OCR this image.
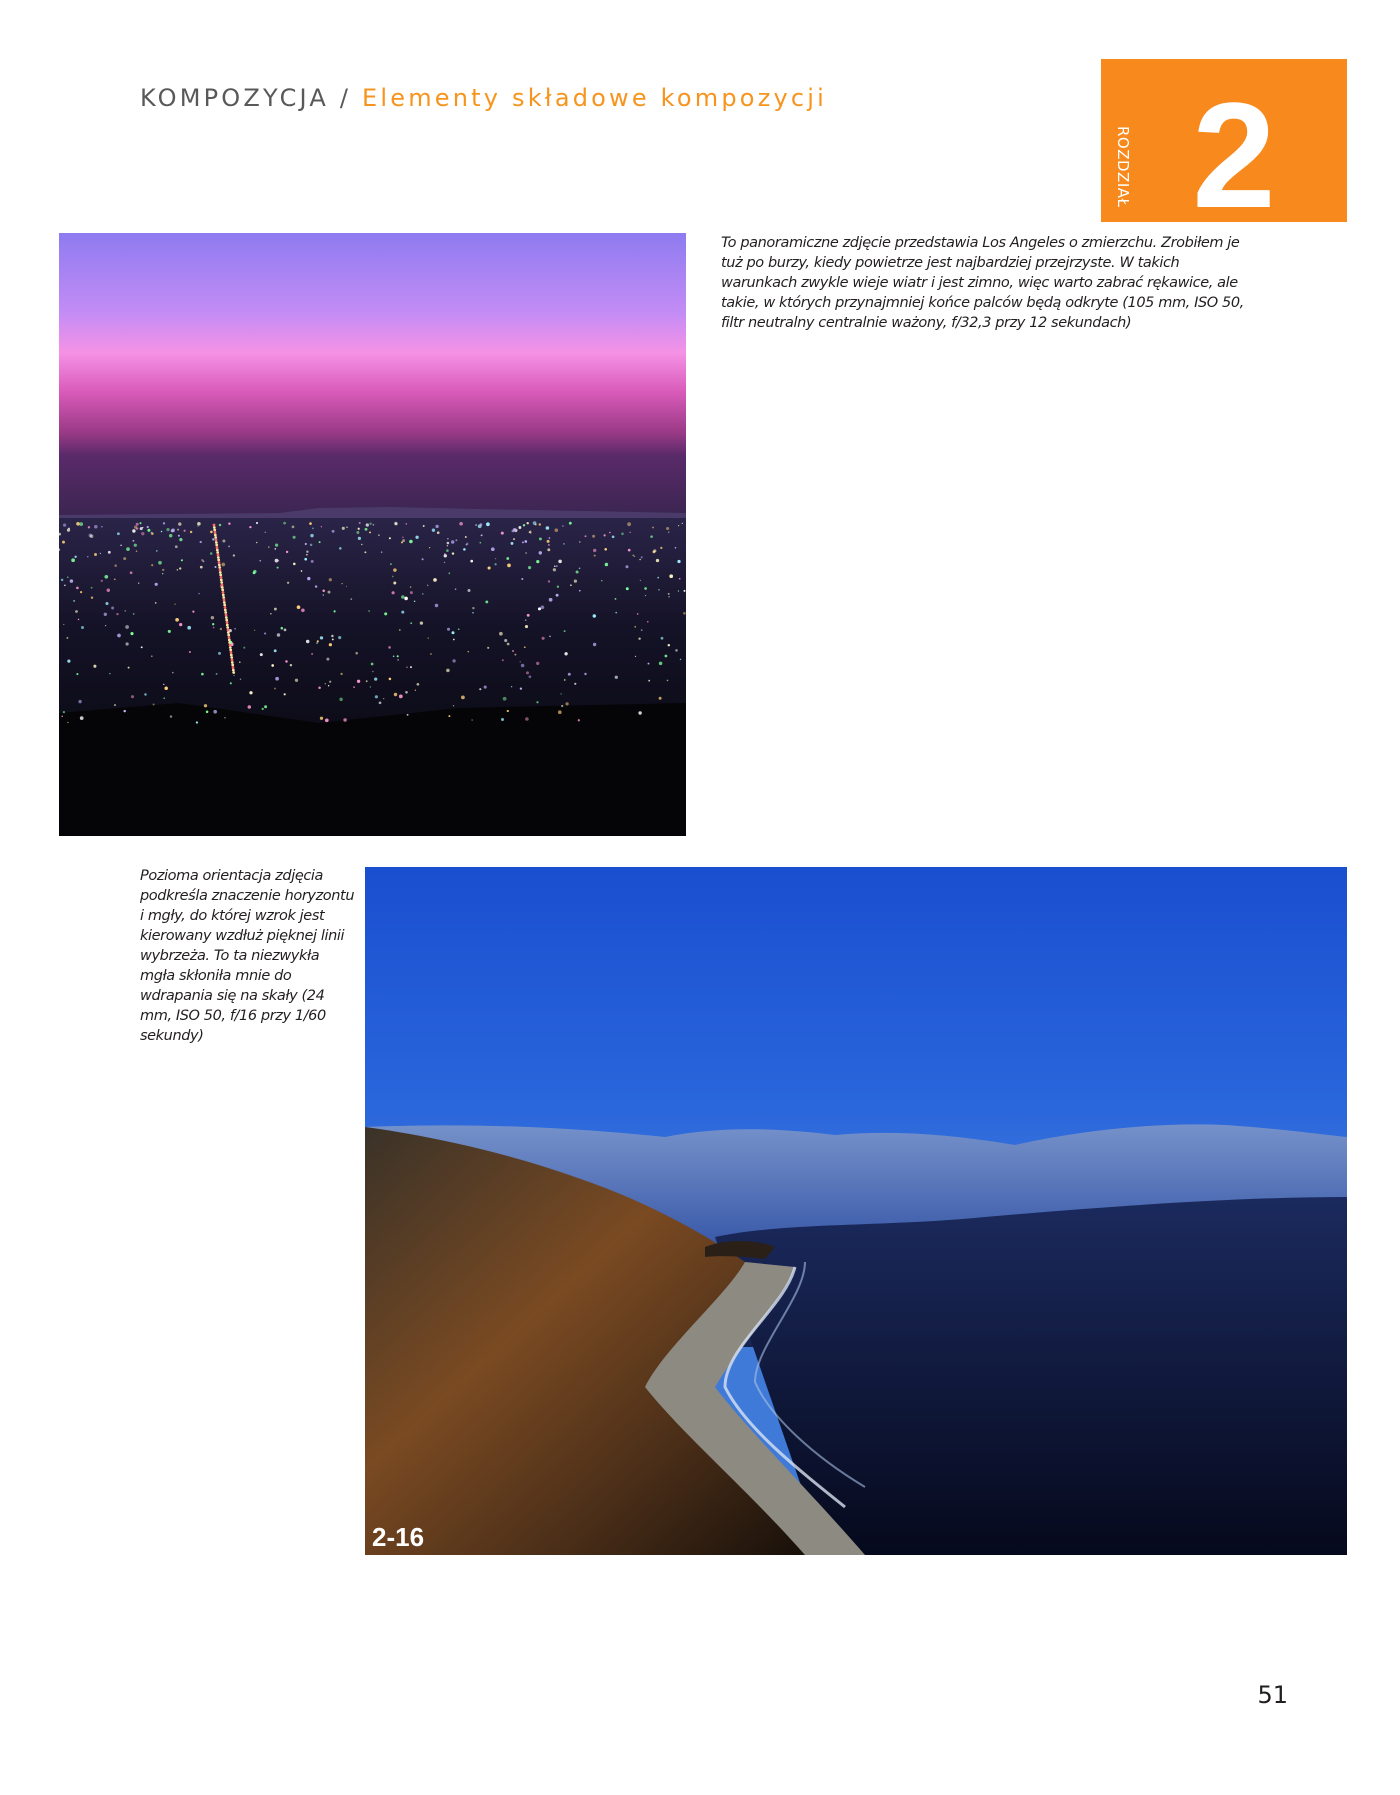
KOMPOZYCJA / Elementy składowe kompozycji
ROZDZIAŁ 2

To panoramiczne zdjęcie przedstawia Los Angeles o zmierzchu. Zrobiłem je tuż po burzy, kiedy powietrze jest najbardziej przejrzyste. W takich warunkach zwykle wieje wiatr i jest zimno, więc warto zabrać rękawice, ale takie, w których przynajmniej końce palców będą odkryte (105 mm, ISO 50, filtr neutralny centralnie ważony, f/32,3 przy 12 sekundach)

Pozioma orientacja zdjęcia podkreśla znaczenie horyzontu i mgły, do której wzrok jest kierowany wzdłuż pięknej linii wybrzeża. To ta niezwykła mgła skłoniła mnie do wdrapania się na skały (24 mm, ISO 50, f/16 przy 1/60 sekundy)

2-16
51
